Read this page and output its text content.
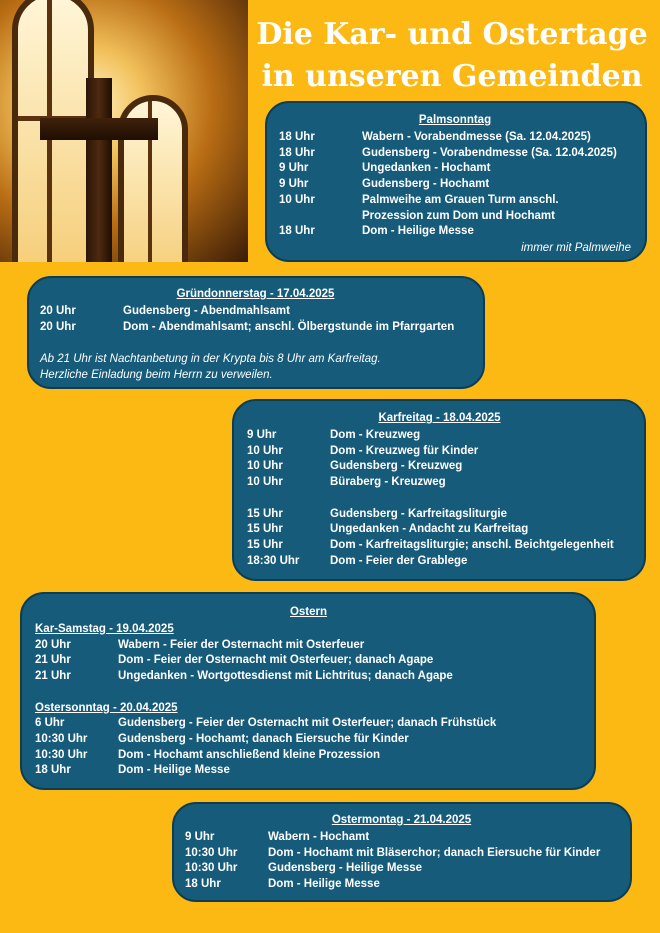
Die Kar- und Ostertage
in unseren Gemeinden
Palmsonntag
18 Uhr	Wabern - Vorabendmesse (Sa. 12.04.2025)
18 Uhr	Gudensberg - Vorabendmesse (Sa. 12.04.2025)
9 Uhr	Ungedanken - Hochamt
9 Uhr	Gudensberg - Hochamt
10 Uhr	Palmweihe am Grauen Turm anschl.
Prozession zum Dom und Hochamt
18 Uhr	Dom - Heilige Messe
immer mit Palmweihe
Gründonnerstag - 17.04.2025
20 Uhr	Gudensberg - Abendmahlsamt
20 Uhr	Dom - Abendmahlsamt; anschl. Ölbergstunde im Pfarrgarten
Ab 21 Uhr ist Nachtanbetung in der Krypta bis 8 Uhr am Karfreitag.
Herzliche Einladung beim Herrn zu verweilen.
Karfreitag - 18.04.2025
9 Uhr	Dom - Kreuzweg
10 Uhr	Dom - Kreuzweg für Kinder
10 Uhr	Gudensberg - Kreuzweg
10 Uhr	Büraberg - Kreuzweg
15 Uhr	Gudensberg - Karfreitagsliturgie
15 Uhr	Ungedanken - Andacht zu Karfreitag
15 Uhr	Dom - Karfreitagsliturgie; anschl. Beichtgelegenheit
18:30 Uhr	Dom - Feier der Grablege
Ostern
Kar-Samstag - 19.04.2025
20 Uhr	Wabern - Feier der Osternacht mit Osterfeuer
21 Uhr	Dom - Feier der Osternacht mit Osterfeuer; danach Agape
21 Uhr	Ungedanken - Wortgottesdienst mit Lichtritus; danach Agape
Ostersonntag - 20.04.2025
6 Uhr	Gudensberg - Feier der Osternacht mit Osterfeuer; danach Frühstück
10:30 Uhr	Gudensberg - Hochamt; danach Eiersuche für Kinder
10:30 Uhr	Dom - Hochamt anschließend kleine Prozession
18 Uhr	Dom - Heilige Messe
Ostermontag - 21.04.2025
9 Uhr	Wabern - Hochamt
10:30 Uhr	Dom - Hochamt mit Bläserchor; danach Eiersuche für Kinder
10:30 Uhr	Gudensberg - Heilige Messe
18 Uhr	Dom - Heilige Messe
